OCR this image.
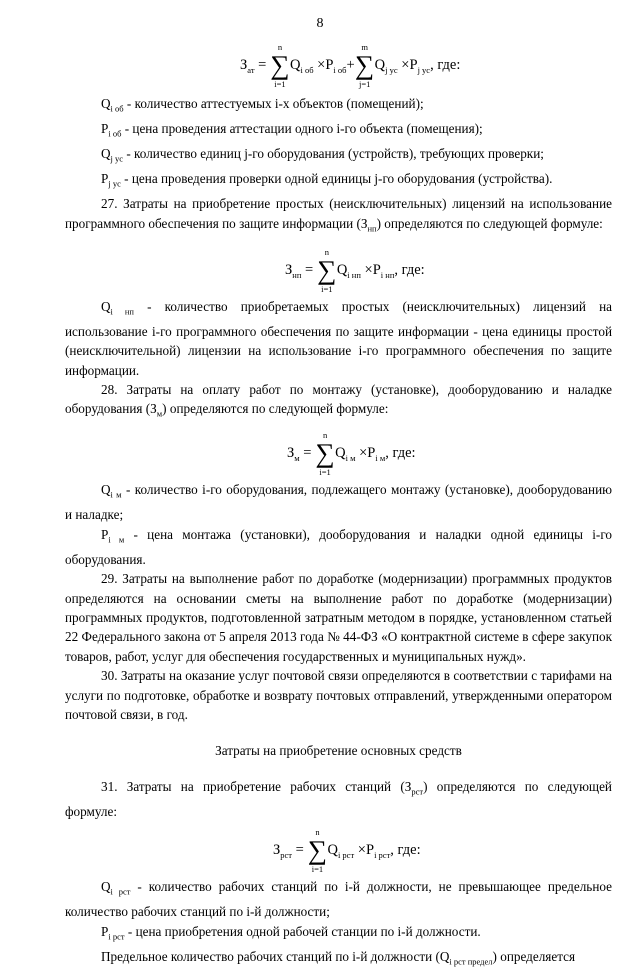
8
$З_{ат}$ =
n
∑
i=1
$Q_{i об} \times P_{i об}+$
m
∑
j=1
$Q_{j ус} \times P_{j ус}$, где:

$Q_{i об}$ - количество аттестуемых i-х объектов (помещений);

$P_{i об}$ - цена проведения аттестации одного i-го объекта (помещения);

$Q_{j ус}$ - количество единиц j-го оборудования (устройств), требующих проверки;

$P_{j ус}$ - цена проведения проверки одной единицы j-го оборудования (устройства).

27. Затраты на приобретение простых (неисключительных) лицензий на использование программного обеспечения по защите информации $(З_{нп})$ определяются по следующей формуле:

$З_{нп}$ =
n
∑
i=1
$Q_{i нп} \times P_{i нп}$, где:

$Q_{i нп}$ - количество приобретаемых простых (неисключительных) лицензий на использование i-го программного обеспечения по защите информации - цена единицы простой (неисключительной) лицензии на использование i-го программного обеспечения по защите информации.

28. Затраты на оплату работ по монтажу (установке), дооборудованию и наладке оборудования $(З_м)$ определяются по следующей формуле:

$З_м$ =
n
∑
i=1
$Q_{i м} \times P_{i м}$, где:

$Q_{i м}$ - количество i-го оборудования, подлежащего монтажу (установке), дооборудованию и наладке;

$P_{i м}$ - цена монтажа (установки), дооборудования и наладки одной единицы i-го оборудования.

29. Затраты на выполнение работ по доработке (модернизации) программных продуктов определяются на основании сметы на выполнение работ по доработке (модернизации) программных продуктов, подготовленной затратным методом в порядке, установленном статьей 22 Федерального закона от 5 апреля 2013 года № 44-ФЗ «О контрактной системе в сфере закупок товаров, работ, услуг для обеспечения государственных и муниципальных нужд».

30. Затраты на оказание услуг почтовой связи определяются в соответствии с тарифами на услуги по подготовке, обработке и возврату почтовых отправлений, утвержденными оператором почтовой связи, в год.

Затраты на приобретение основных средств

31. Затраты на приобретение рабочих станций $(З_{рст})$ определяются по следующей формуле:

$З_{рст}$ =
n
∑
i=1
$Q_{i рст} \times P_{i рст}$, где:

$Q_{i рст}$ - количество рабочих станций по i-й должности, не превышающее предельное количество рабочих станций по i-й должности;

$P_{i рст}$ - цена приобретения одной рабочей станции по i-й должности.

Предельное количество рабочих станций по i-й должности $(Q_{i рст предел})$ определяется
